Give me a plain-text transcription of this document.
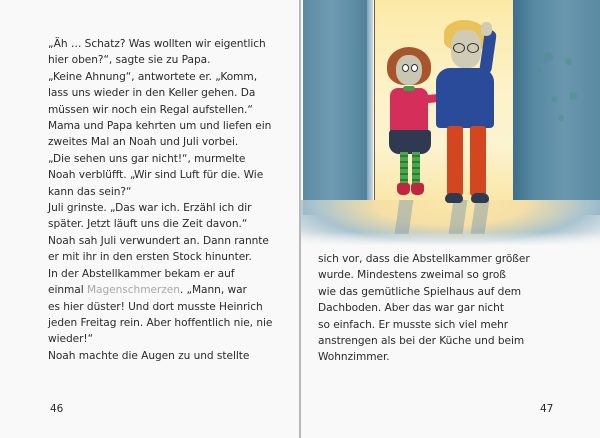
„Äh … Schatz? Was wollten wir eigentlich
hier oben?“, sagte sie zu Papa.
„Keine Ahnung“, antwortete er. „Komm,
lass uns wieder in den Keller gehen. Da
müssen wir noch ein Regal aufstellen.“
Mama und Papa kehrten um und liefen ein
zweites Mal an Noah und Juli vorbei.
„Die sehen uns gar nicht!“, murmelte
Noah verblüfft. „Wir sind Luft für die. Wie
kann das sein?“
Juli grinste. „Das war ich. Erzähl ich dir
später. Jetzt läuft uns die Zeit davon.“
Noah sah Juli verwundert an. Dann rannte
er mit ihr in den ersten Stock hinunter.
In der Abstellkammer bekam er auf
einmal Magenschmerzen. „Mann, war
es hier düster! Und dort musste Heinrich
jeden Freitag rein. Aber hoffentlich nie, nie
wieder!“
Noah machte die Augen zu und stellte
46
sich vor, dass die Abstellkammer größer
wurde. Mindestens zweimal so groß
wie das gemütliche Spielhaus auf dem
Dachboden. Aber das war gar nicht
so einfach. Er musste sich viel mehr
anstrengen als bei der Küche und beim
Wohnzimmer.
47
